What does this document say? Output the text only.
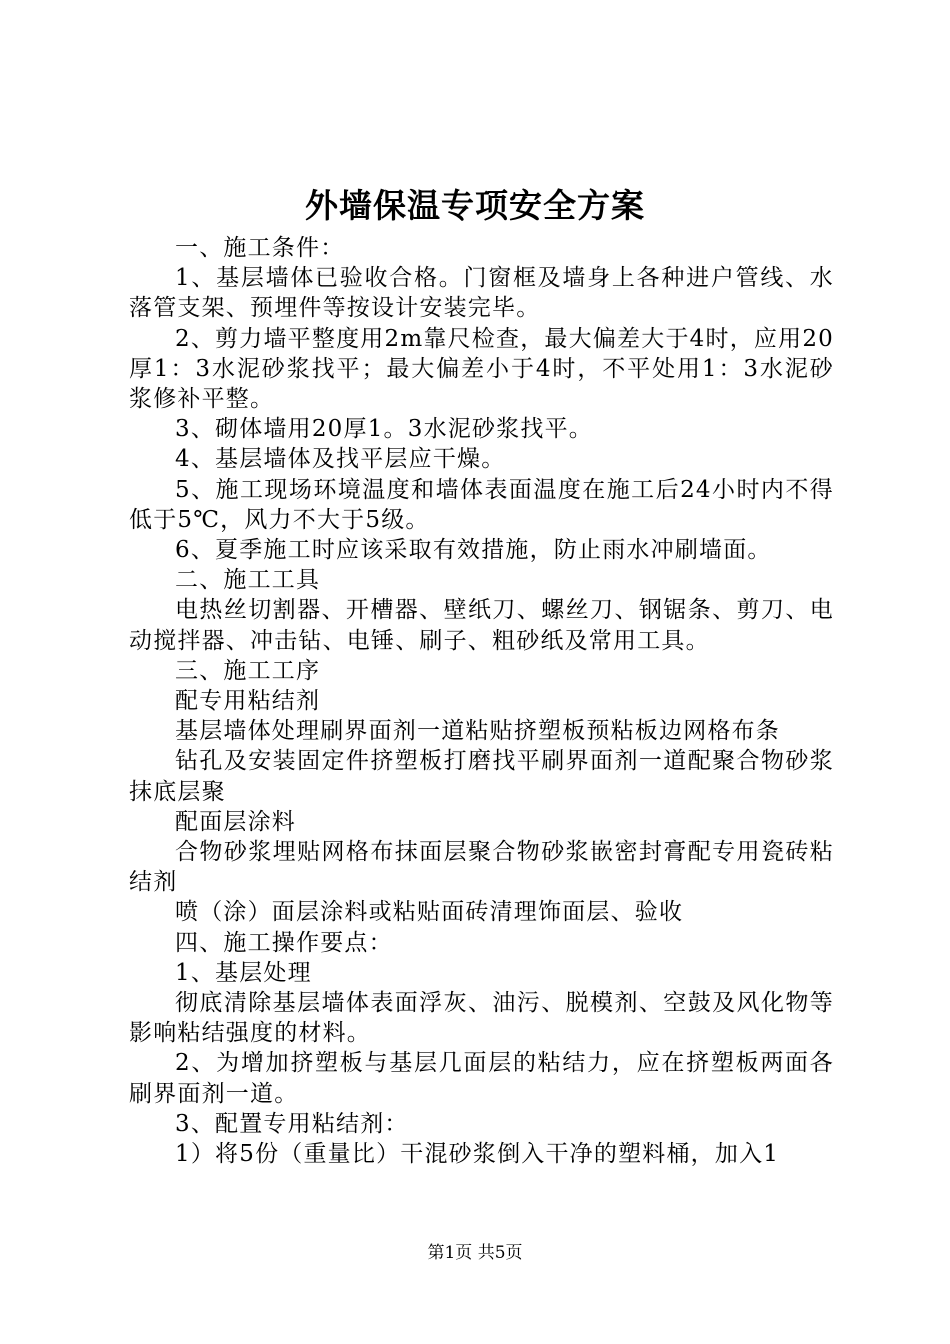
外墙保温专项安全方案

一、施工条件：

1、基层墙体已验收合格。门窗框及墙身上各种进户管线、水落管支架、预埋件等按设计安装完毕。

2、剪力墙平整度用2m靠尺检查，最大偏差大于4时，应用20厚1：3水泥砂浆找平；最大偏差小于4时，不平处用1：3水泥砂浆修补平整。

3、砌体墙用20厚1。3水泥砂浆找平。

4、基层墙体及找平层应干燥。

5、施工现场环境温度和墙体表面温度在施工后24小时内不得低于5℃，风力不大于5级。

6、夏季施工时应该采取有效措施，防止雨水冲刷墙面。

二、施工工具

电热丝切割器、开槽器、壁纸刀、螺丝刀、钢锯条、剪刀、电动搅拌器、冲击钻、电锤、刷子、粗砂纸及常用工具。

三、施工工序

配专用粘结剂

基层墙体处理刷界面剂一道粘贴挤塑板预粘板边网格布条

钻孔及安装固定件挤塑板打磨找平刷界面剂一道配聚合物砂浆抹底层聚

配面层涂料

合物砂浆埋贴网格布抹面层聚合物砂浆嵌密封膏配专用瓷砖粘结剂

喷（涂）面层涂料或粘贴面砖清理饰面层、验收

四、施工操作要点：

1、基层处理

彻底清除基层墙体表面浮灰、油污、脱模剂、空鼓及风化物等影响粘结强度的材料。

2、为增加挤塑板与基层几面层的粘结力，应在挤塑板两面各刷界面剂一道。

3、配置专用粘结剂：

1）将5份（重量比）干混砂浆倒入干净的塑料桶，加入1

第1页 共5页
